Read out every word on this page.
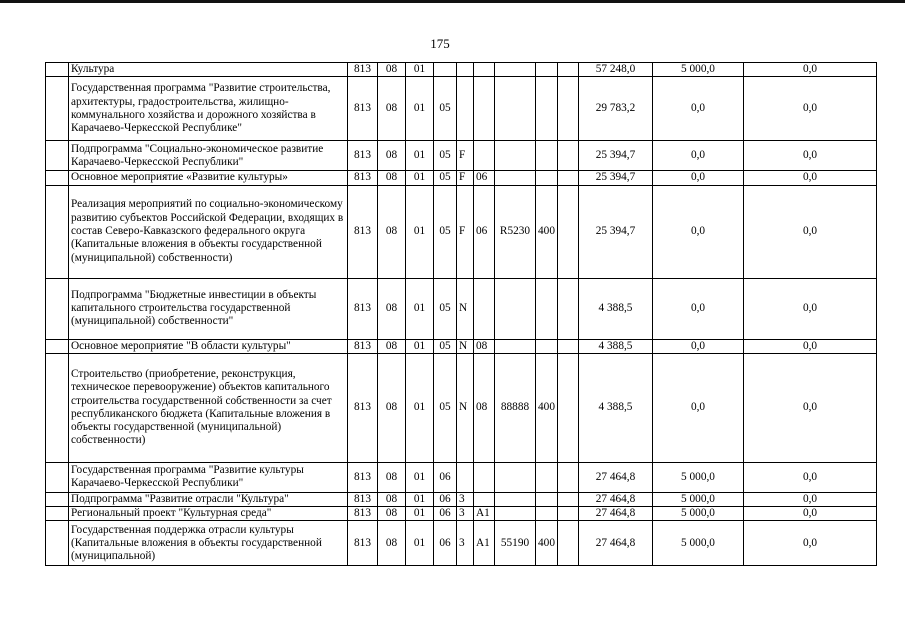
175
	Культура	813	08	01							57 248,0	5 000,0	0,0
	Государственная программа "Развитие строительства, архитектуры, градостроительства, жилищно-коммунального хозяйства и дорожного хозяйства в Карачаево-Черкесской Республике"	813	08	01	05						29 783,2	0,0	0,0
	Подпрограмма "Социально-экономическое развитие Карачаево-Черкесской Республики"	813	08	01	05	F					25 394,7	0,0	0,0
	Основное мероприятие «Развитие культуры»	813	08	01	05	F	06				25 394,7	0,0	0,0
	Реализация мероприятий по социально-экономическому развитию субъектов Российской Федерации, входящих в состав Северо-Кавказского федерального округа (Капитальные вложения в объекты государственной (муниципальной) собственности)	813	08	01	05	F	06	R5230	400		25 394,7	0,0	0,0
	Подпрограмма "Бюджетные инвестиции в объекты капитального строительства государственной (муниципальной) собственности"	813	08	01	05	N					4 388,5	0,0	0,0
	Основное мероприятие "В области культуры"	813	08	01	05	N	08				4 388,5	0,0	0,0
	Строительство (приобретение, реконструкция, техническое перевооружение) объектов капитального строительства государственной собственности за счет республиканского бюджета (Капитальные вложения в объекты государственной (муниципальной) собственности)	813	08	01	05	N	08	88888	400		4 388,5	0,0	0,0
	Государственная программа "Развитие культуры Карачаево-Черкесской Республики"	813	08	01	06						27 464,8	5 000,0	0,0
	Подпрограмма "Развитие отрасли "Культура"	813	08	01	06	3					27 464,8	5 000,0	0,0
	Региональный проект "Культурная среда"	813	08	01	06	3	A1				27 464,8	5 000,0	0,0
	Государственная поддержка отрасли культуры (Капитальные вложения в объекты государственной (муниципальной)	813	08	01	06	3	A1	55190	400		27 464,8	5 000,0	0,0
